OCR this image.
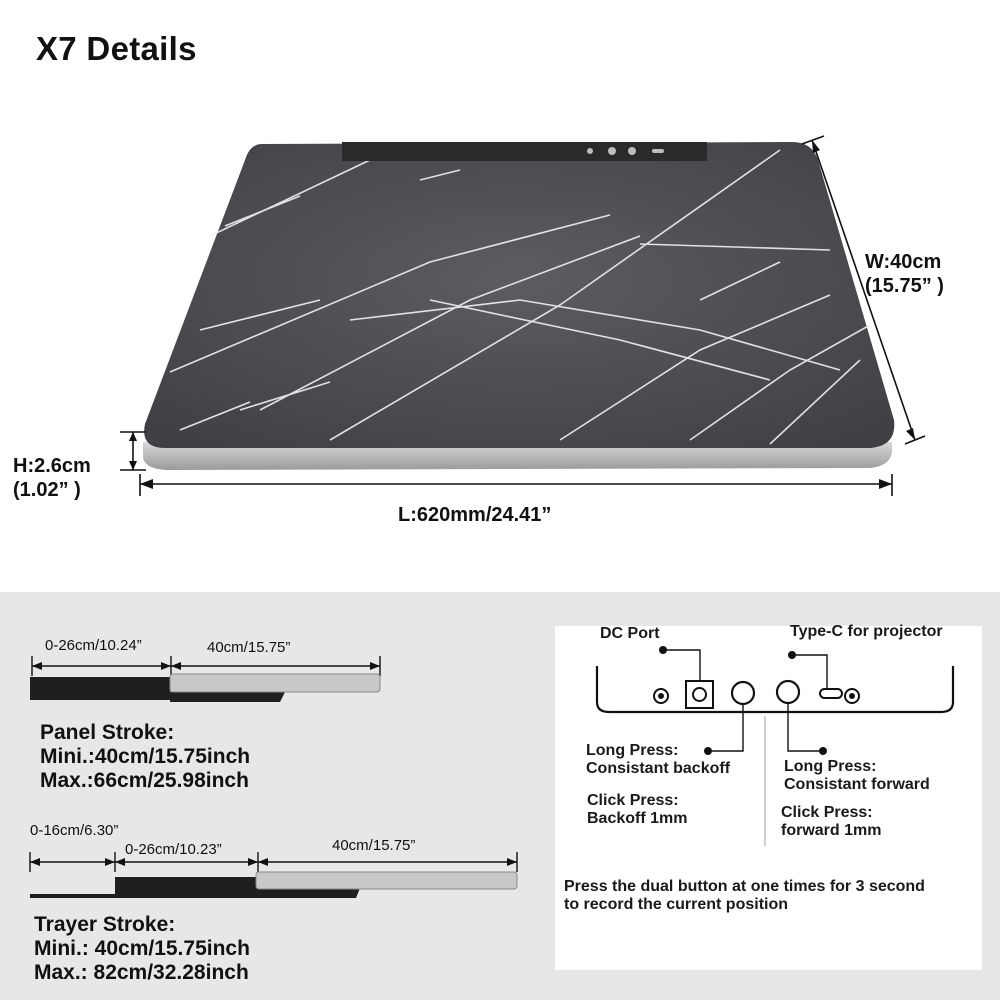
X7 Details
W:40cm
(15.75” )
H:2.6cm
(1.02” )
L:620mm/24.41”
0-26cm/10.24”	40cm/15.75”
Panel Stroke:
Mini.:40cm/15.75inch
Max.:66cm/25.98inch
0-16cm/6.30”
0-26cm/10.23”	40cm/15.75”
Trayer Stroke:
Mini.: 40cm/15.75inch
Max.: 82cm/32.28inch
DC Port	Type-C for projector
Long Press:
Consistant backoff
Click Press:
Backoff 1mm
Long Press:
Consistant forward
Click Press:
forward 1mm
Press the dual button at one times for 3 second
to record the current position
